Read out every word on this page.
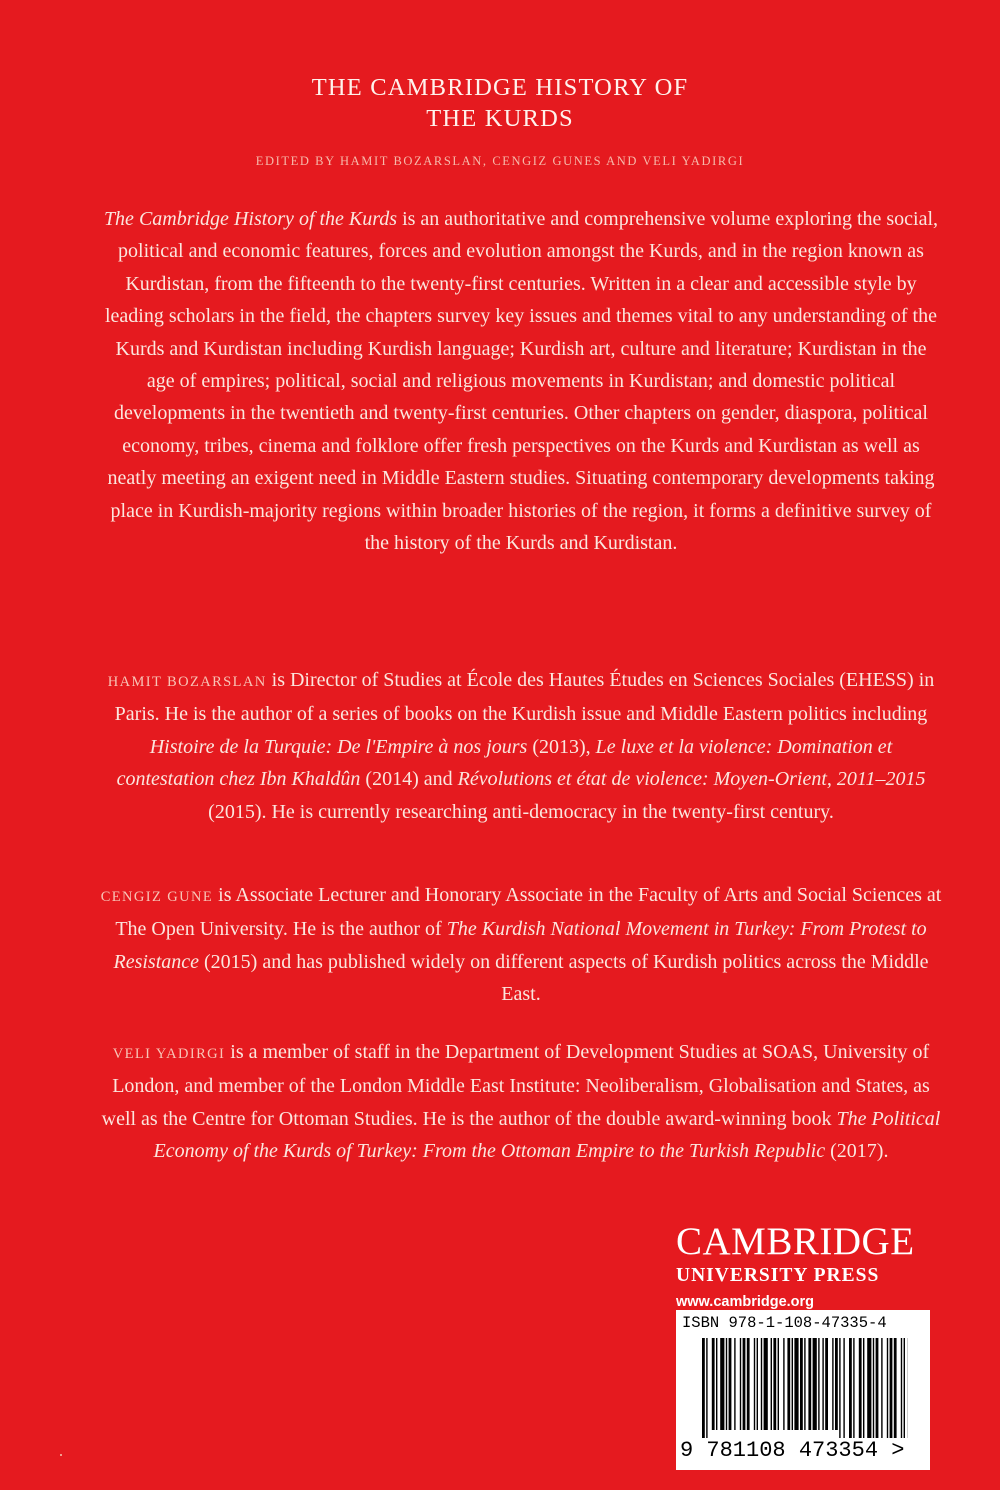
THE CAMBRIDGE HISTORY OF
THE KURDS
EDITED BY HAMIT BOZARSLAN, CENGIZ GUNES AND VELI YADIRGI
The Cambridge History of the Kurds is an authoritative and comprehensive volume exploring the social, political and economic features, forces and evolution amongst the Kurds, and in the region known as Kurdistan, from the fifteenth to the twenty-first centuries. Written in a clear and accessible style by leading scholars in the field, the chapters survey key issues and themes vital to any understanding of the Kurds and Kurdistan including Kurdish language; Kurdish art, culture and literature; Kurdistan in the age of empires; political, social and religious movements in Kurdistan; and domestic political developments in the twentieth and twenty-first centuries. Other chapters on gender, diaspora, political economy, tribes, cinema and folklore offer fresh perspectives on the Kurds and Kurdistan as well as neatly meeting an exigent need in Middle Eastern studies. Situating contemporary developments taking place in Kurdish-majority regions within broader histories of the region, it forms a definitive survey of the history of the Kurds and Kurdistan.
HAMIT BOZARSLAN is Director of Studies at École des Hautes Études en Sciences Sociales (EHESS) in Paris. He is the author of a series of books on the Kurdish issue and Middle Eastern politics including Histoire de la Turquie: De l'Empire à nos jours (2013), Le luxe et la violence: Domination et contestation chez Ibn Khaldûn (2014) and Révolutions et état de violence: Moyen-Orient, 2011–2015 (2015). He is currently researching anti-democracy in the twenty-first century.
CENGIZ GUNE is Associate Lecturer and Honorary Associate in the Faculty of Arts and Social Sciences at The Open University. He is the author of The Kurdish National Movement in Turkey: From Protest to Resistance (2015) and has published widely on different aspects of Kurdish politics across the Middle East.
VELI YADIRGI is a member of staff in the Department of Development Studies at SOAS, University of London, and member of the London Middle East Institute: Neoliberalism, Globalisation and States, as well as the Centre for Ottoman Studies. He is the author of the double award-winning book The Political Economy of the Kurds of Turkey: From the Ottoman Empire to the Turkish Republic (2017).
CAMBRIDGE
UNIVERSITY PRESS
www.cambridge.org
ISBN 978-1-108-47335-4
9 781108 473354 >
